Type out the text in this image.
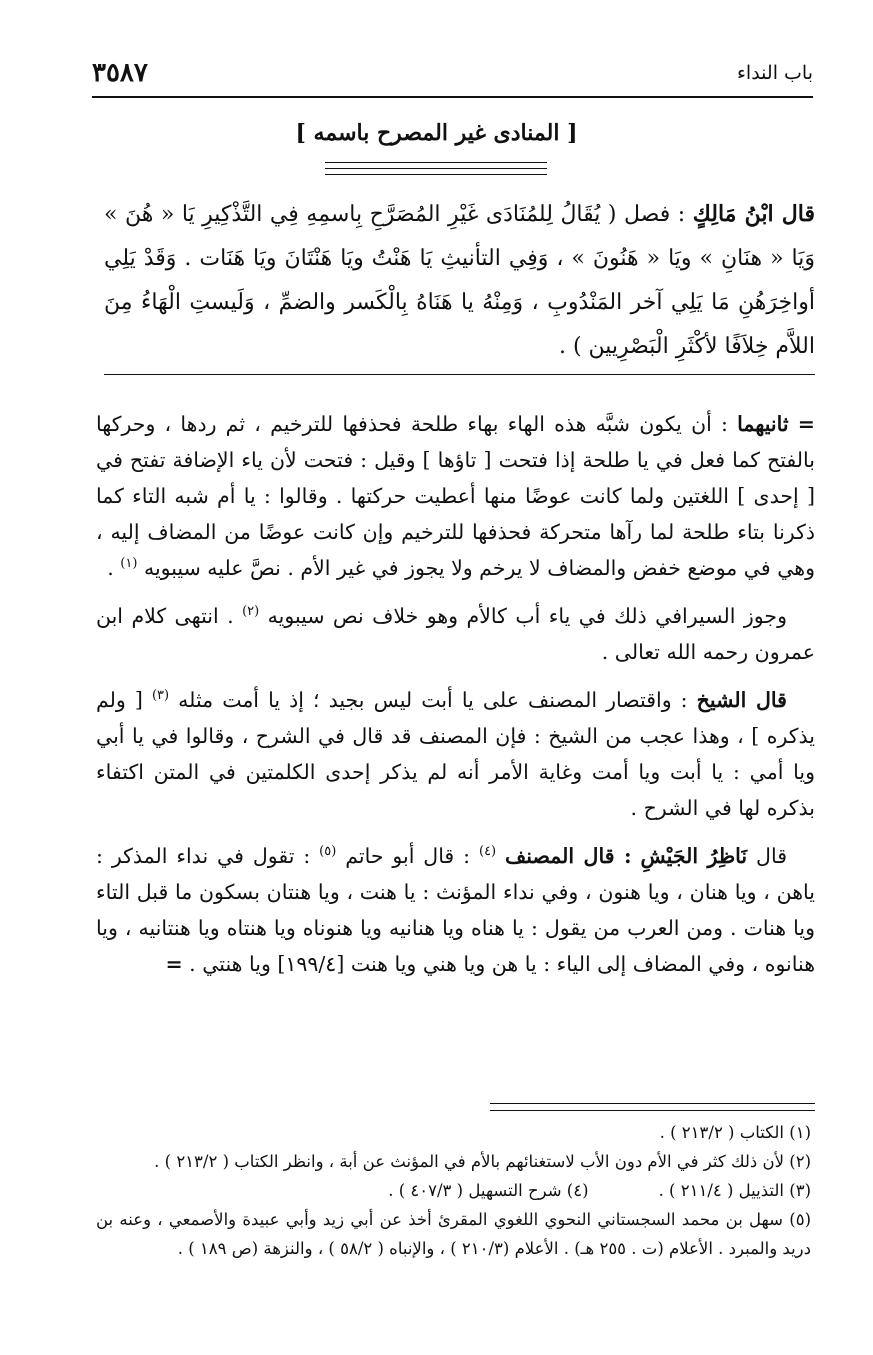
باب النداء
٣٥٨٧
[ المنادى غير المصرح باسمه ]
قال ابْنُ مَالِكٍ : فصل ( يُقَالُ لِلمُنَادَى غَيْرِ المُصَرَّحِ بِاسمِهِ فِي التَّذْكِيرِ يَا « هُنَ » وَيَا « هنَانِ » ويَا « هَنُونَ » ، وَفِي التأنيثِ يَا هَنْتُ ويَا هَنْتَانَ ويَا هَنَات . وَقَدْ يَلِي أواخِرَهُنِ مَا يَلِي آخر المَنْدُوبِ ، وَمِنْهُ يا هَنَاهُ بِالْكَسر والضمِّ ، وَلَيستِ الْهَاءُ مِنَ اللاَّم خِلاَفًا لأكْثَرِ الْبَصْرِيين ) .

= ثانيهما : أن يكون شبَّه هذه الهاء بهاء طلحة فحذفها للترخيم ، ثم ردها ، وحركها بالفتح كما فعل في يا طلحة إذا فتحت [ تاؤها ] وقيل : فتحت لأن ياء الإضافة تفتح في [ إحدى ] اللغتين ولما كانت عوضًا منها أعطيت حركتها . وقالوا : يا أم شبه التاء كما ذكرنا بتاء طلحة لما رآها متحركة فحذفها للترخيم وإن كانت عوضًا من المضاف إليه ، وهي في موضع خفض والمضاف لا يرخم ولا يجوز في غير الأم . نصَّ عليه سيبويه $^{(١)}$ .

وجوز السيرافي ذلك في ياء أب كالأم وهو خلاف نص سيبويه $^{(٢)}$ . انتهى كلام ابن عمرون رحمه الله تعالى .

قال الشيخ : واقتصار المصنف على يا أبت ليس بجيد ؛ إذ يا أمت مثله $^{(٣)}$ [ ولم يذكره ] ، وهذا عجب من الشيخ : فإن المصنف قد قال في الشرح ، وقالوا في يا أبي ويا أمي : يا أبت ويا أمت وغاية الأمر أنه لم يذكر إحدى الكلمتين في المتن اكتفاء بذكره لها في الشرح .

قال نَاظِرُ الجَيْشِ : قال المصنف $^{(٤)}$ : قال أبو حاتم $^{(٥)}$ : تقول في نداء المذكر : ياهن ، ويا هنان ، ويا هنون ، وفي نداء المؤنث : يا هنت ، ويا هنتان بسكون ما قبل التاء ويا هنات . ومن العرب من يقول : يا هناه ويا هنانيه ويا هنوناه ويا هنتاه ويا هنتانيه ، ويا هنانوه ، وفي المضاف إلى الياء : يا هن ويا هني ويا هنت [١٩٩/٤] ويا هنتي . =

(١) الكتاب ( ٢١٣/٢ ) .

(٢) لأن ذلك كثر في الأم دون الأب لاستغنائهم بالأم في المؤنث عن أبة ، وانظر الكتاب ( ٢١٣/٢ ) .

(٣) التذييل ( ٢١١/٤ ) .
(٤) شرح التسهيل ( ٤٠٧/٣ ) .

(٥) سهل بن محمد السجستاني النحوي اللغوي المقرئ أخذ عن أبي زيد وأبي عبيدة والأصمعي ، وعنه بن دريد والمبرد . الأعلام (ت . ٢٥٥ هـ) . الأعلام (٢١٠/٣ ) ، والإنباه ( ٥٨/٢ ) ، والنزهة (ص ١٨٩ ) .
